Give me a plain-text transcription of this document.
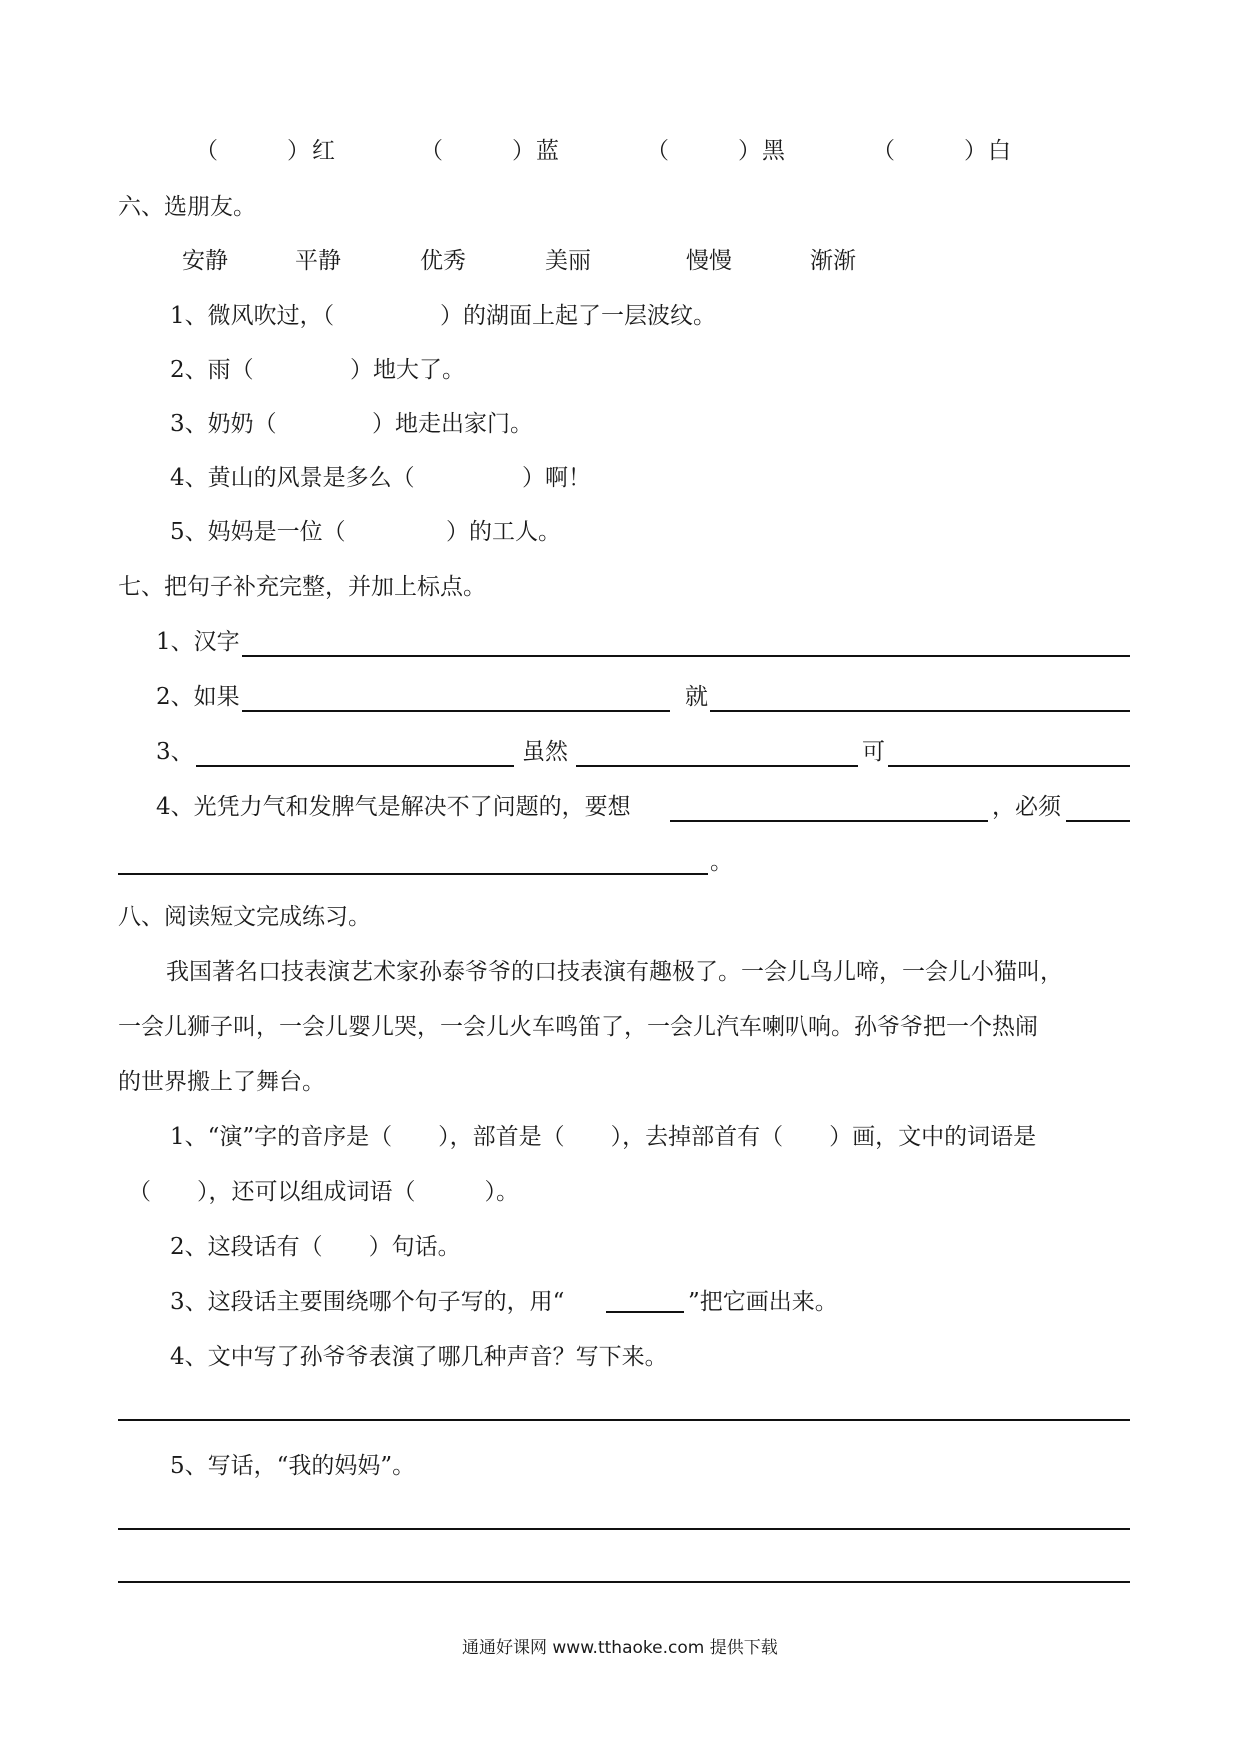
（　　　） 红	（　　　） 蓝	（　　　） 黑	（　　　） 白
六、选朋友。
安静	平静	优秀	美丽	慢慢	渐渐
1、微风吹过，（	）的湖面上起了一层波纹。
2、雨（	）地大了。
3、奶奶（	）地走出家门。
4、黄山的风景是多么（	）啊！
5、妈妈是一位（	）的工人。
七、把句子补充完整，并加上标点。
1、汉字
2、如果	就
3、	虽然	可
4、光凭力气和发脾气是解决不了问题的，要想	，必须
。
八、阅读短文完成练习。
我国著名口技表演艺术家孙泰爷爷的口技表演有趣极了。一会儿鸟儿啼，一会儿小猫叫，
一会儿狮子叫，一会儿婴儿哭，一会儿火车鸣笛了，一会儿汽车喇叭响。孙爷爷把一个热闹
的世界搬上了舞台。
1、“演”字的音序是（　　），部首是（　　），去掉部首有（　　）画，文中的词语是
（　　），还可以组成词语（　　　）。
2、这段话有（　　）句话。
3、这段话主要围绕哪个句子写的，用“	”把它画出来。
4、文中写了孙爷爷表演了哪几种声音？写下来。
5、写话，“我的妈妈”。
通通好课网 www.tthaoke.com 提供下载
